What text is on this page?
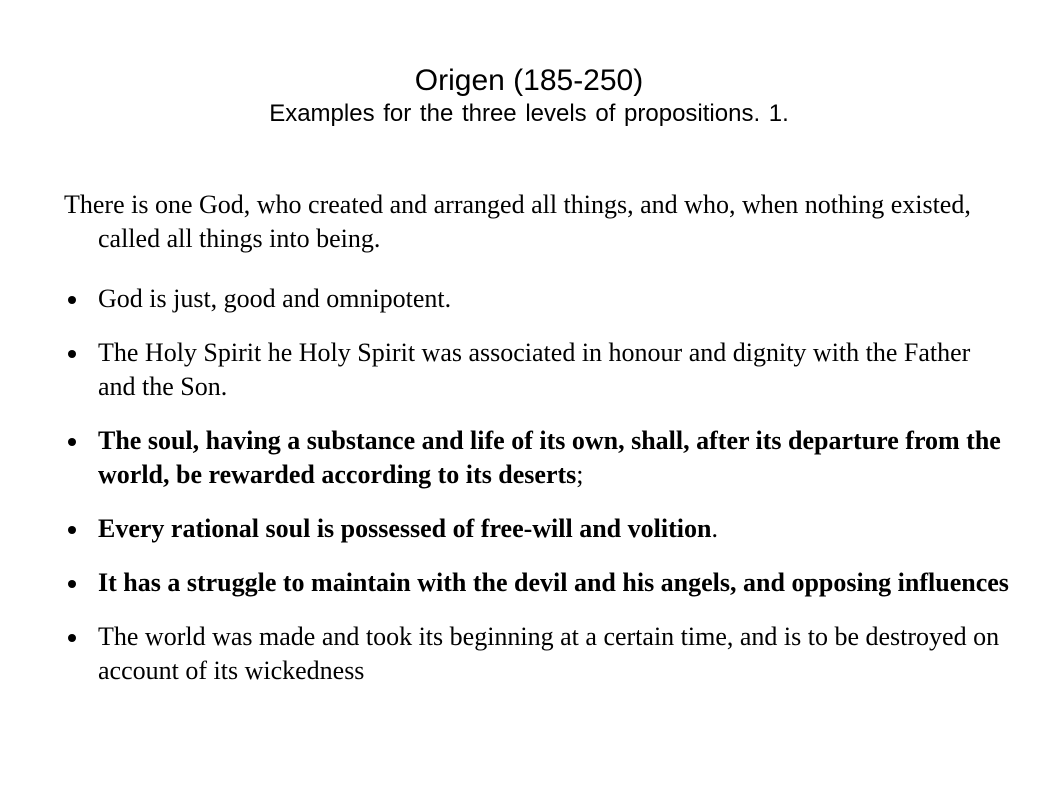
Origen (185-250)
Examples for the three levels of propositions. 1.
There is one God, who created and arranged all things, and who, when nothing existed, called all things into being.
God is just, good and omnipotent.
The Holy Spirit he Holy Spirit was associated in honour and dignity with the Father and the Son.
The soul, having a substance and life of its own, shall, after its departure from the world, be rewarded according to its deserts;
Every rational soul is possessed of free-will and volition.
It has a struggle to maintain with the devil and his angels, and opposing influences
The world was made and took its beginning at a certain time, and is to be destroyed on account of its wickedness
